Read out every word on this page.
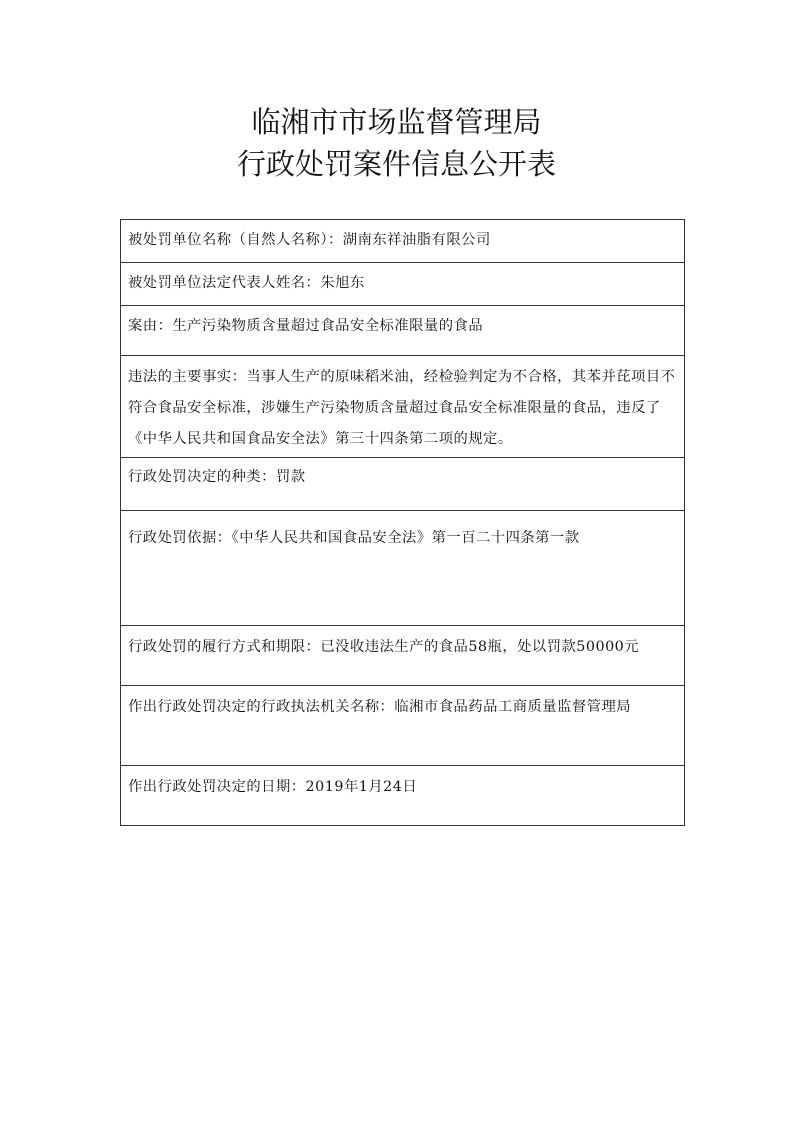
临湘市市场监督管理局
行政处罚案件信息公开表
被处罚单位名称（自然人名称）：湖南东祥油脂有限公司
被处罚单位法定代表人姓名：朱旭东
案由：生产污染物质含量超过食品安全标准限量的食品
违法的主要事实：当事人生产的原味稻米油，经检验判定为不合格，其苯并芘项目不符合食品安全标准，涉嫌生产污染物质含量超过食品安全标准限量的食品，违反了《中华人民共和国食品安全法》第三十四条第二项的规定。
行政处罚决定的种类：罚款
行政处罚依据：《中华人民共和国食品安全法》第一百二十四条第一款
行政处罚的履行方式和期限：已没收违法生产的食品58瓶，处以罚款50000元
作出行政处罚决定的行政执法机关名称：临湘市食品药品工商质量监督管理局
作出行政处罚决定的日期：2019年1月24日
